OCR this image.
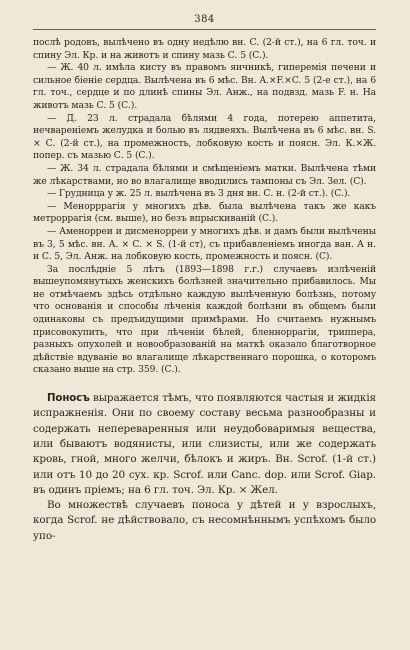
384

послѣ родовъ, вылѣчено въ одну недѣлю вн. С. (2-й ст.), на 6 гл. точ. и спину Эл. Кр. и на животъ и спину мазь С. 5 (С.).

— Ж. 40 л. имѣла кисту въ правомъ яичникѣ, гиперемія печени и сильное біеніе сердца. Вылѣчена въ 6 мѣс. Вн. A.×F.×C. 5 (2-е ст.), на 6 гл. точ., сердце и по длинѣ спины Эл. Анж., на подвзд. мазь F. н. На животъ мазь С. 5 (С.).

— Д. 23 л. страдала бѣлями 4 года, потерею аппетита, нечвареніемъ желудка и болью въ лядвеяхъ. Вылѣчена въ 6 мѣс. вн. S. × С. (2-й ст.), на промежность, лобковую кость и поясн. Эл. К.×Ж. попер. съ мазью С. 5 (С.).

— Ж. 34 л. страдала бѣлями и смѣщеніемъ матки. Вылѣчена тѣми же лѣкарствами, но во влагалище вводились тампоны съ Эл. Зел. (С).

— Грудница у ж. 25 л. вылѣчена въ 3 дня вн. С. н. (2-й ст.). (С.).

— Менорррагія у многихъ дѣв. была вылѣчена такъ же какъ метроррагія (см. выше), но безъ впрыскиваній (С.).

— Аменорреи и дисменорреи у многихъ дѣв. и дамъ были вылѣчены въ 3, 5 мѣс. вн. А. × С. × S. (1-й ст), съ прибавленіемъ иногда ван. А н. и С. 5, Эл. Анж. на лобковую кость, промежность и поясн. (С).

За послѣдніе 5 лѣтъ (1893—1898 г.г.) случаевъ излѣченій вышеупомянутыхъ женскихъ болѣзней значительно прибавилось. Мы не отмѣчаемъ здѣсь отдѣльно каждую вылѣченную болѣзнь, потому что основанія и способы лѣченія каждой болѣзни въ общемъ были одинаковы съ предъидущими примѣрами. Но считаемъ нужнымъ присовокупить, что при лѣченіи бѣлей, бленноррагіи, триппера, разныхъ опухолей и новообразованій на маткѣ оказало благотворное дѣйствіе вдуваніе во влагалище лѣкарственнаго порошка, о которомъ сказано выше на стр. 359. (С.).

Поносъ выражается тѣмъ, что появляются частыя и жидкія испражненія. Они по своему составу весьма разнообразны и содержать непереваренныя или неудобоваримыя вещества, или бываютъ водянисты, или слизисты, или же содержать кровь, гной, много желчи, бѣлокъ и жиръ. Вн. Scrof. (1-й ст.) или отъ 10 до 20 сух. кр. Scrof. или Canc. dop. или Scrof. Giap. въ одинъ пріемъ; на 6 гл. точ. Эл. Кр. × Жел.

Во множествѣ случаевъ поноса у дѣтей и у взрослыхъ, когда Scrof. не дѣйствовало, съ несомнѣннымъ успѣхомъ было упо-
